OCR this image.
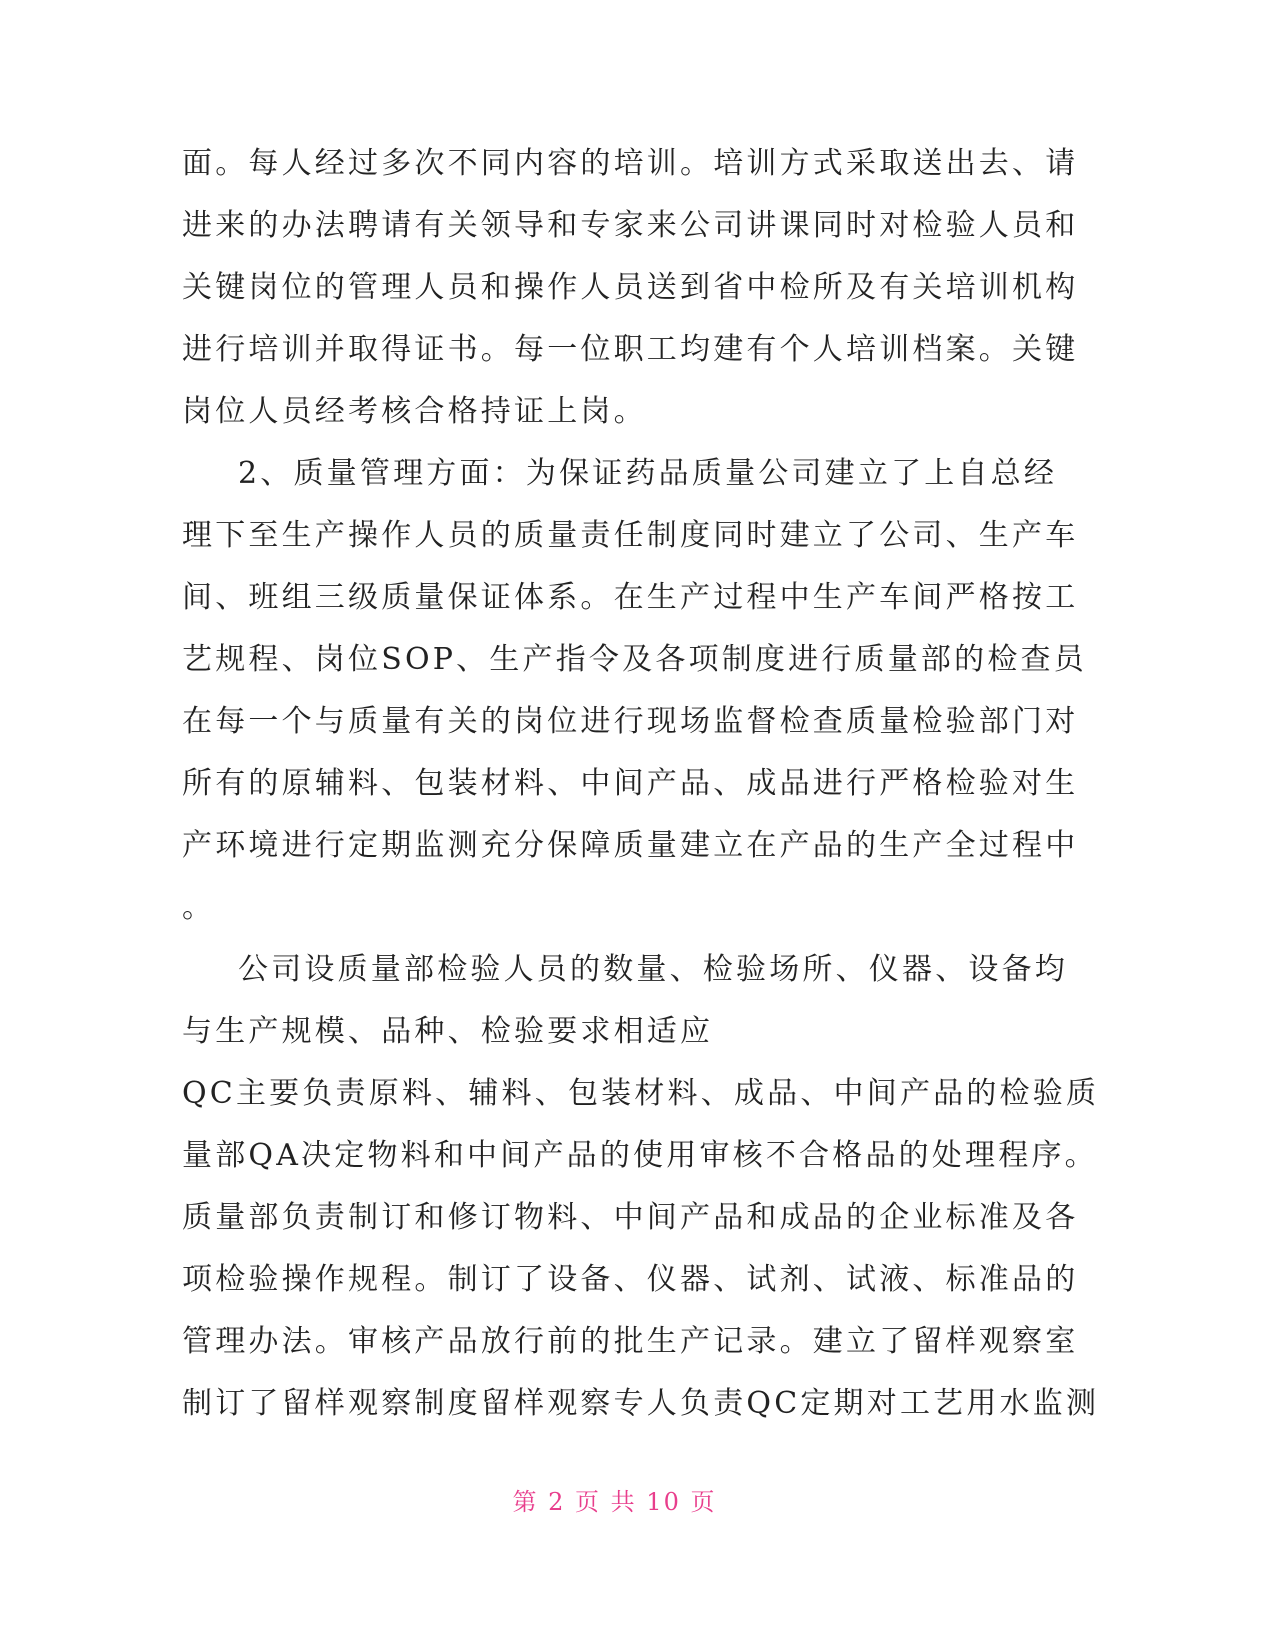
面。每人经过多次不同内容的培训。培训方式采取送出去、请
进来的办法聘请有关领导和专家来公司讲课同时对检验人员和
关键岗位的管理人员和操作人员送到省中检所及有关培训机构
进行培训并取得证书。每一位职工均建有个人培训档案。关键
岗位人员经考核合格持证上岗。
2、质量管理方面：为保证药品质量公司建立了上自总经
理下至生产操作人员的质量责任制度同时建立了公司、生产车
间、班组三级质量保证体系。在生产过程中生产车间严格按工
艺规程、岗位SOP、生产指令及各项制度进行质量部的检查员
在每一个与质量有关的岗位进行现场监督检查质量检验部门对
所有的原辅料、包装材料、中间产品、成品进行严格检验对生
产环境进行定期监测充分保障质量建立在产品的生产全过程中
。
公司设质量部检验人员的数量、检验场所、仪器、设备均
与生产规模、品种、检验要求相适应
QC主要负责原料、辅料、包装材料、成品、中间产品的检验质
量部QA决定物料和中间产品的使用审核不合格品的处理程序。
质量部负责制订和修订物料、中间产品和成品的企业标准及各
项检验操作规程。制订了设备、仪器、试剂、试液、标准品的
管理办法。审核产品放行前的批生产记录。建立了留样观察室
制订了留样观察制度留样观察专人负责QC定期对工艺用水监测
第 2 页 共 10 页
